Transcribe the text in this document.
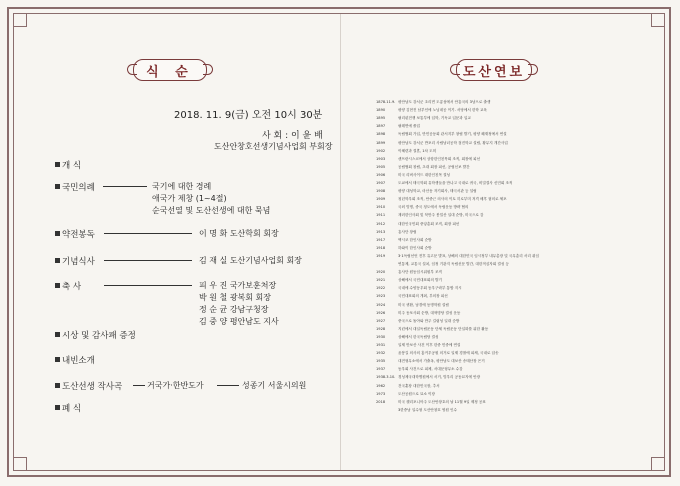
식 순
2018. 11. 9(금) 오전 10시 30분
사 회 : 이 윤 배
도산안창호선생기념사업회 부회장
개 식
국민의례	국기에 대한 경례
애국가 제창 (1~4절)
순국선열 및 도산선생에 대한 묵념
약전봉독	이 명 화 도산학회 회장
기념식사	김 재 실 도산기념사업회 회장
축 사	피 우 진 국가보훈처장
박 원 철 광복회 회장
정 순 균 강남구청장
김 중 양 평안남도 지사
시상 및 감사패 증정
내빈소개
도산선생 작사곡	거국가·한반도가	성종기 서울시의원
폐 식
도산연보
1878.11.9. 평안남도 강서군 초리면 도롱섬에서 안흥국의 3남으로 출생
1890	평양 김현진 남부인에 노님네공 이기. 서당에서 한학 교육
1895	필리핀전쟁 보통부에 입학, 기독교 입문과 입교
1897	필레면예 졸업
1898	독립협회 가입, 만민공동회 관서지부 창립 발기, 평양 쾌재정에서 연설
1899	평안남도 강서군 반포리 사립남녀공학 점진학교 설립, 황무지 개간사업
1902	이혜련과 결혼, 1차 도미
1903	샌프란시스코에서 상항한인친목회 조직, 회장에 피선
1905	공립협회 창립, 초대 회장 피선, 공립신보 발간
1906	미국 리버사이드 대한인친목 결성
1907	도쿄에서 태극학회 유학생들을 만나고 국내로 귀국, 비밀결사 신민회 조직
1908	평양 대성학교, 마산동 자기회사, 태극서관 등 설립
1909	청년학우회 조직, 안중근 의사의 이토 히로부미 저격 배후 혐의로 체포
1910	국외 망명, 중국 청도에서 독립운동 방략 협의
1911	재러한인사회 및 북만주 봉밀산 일대 순방, 미국으로 감
1912	대한인국민회 중앙총회 조직, 회장 피선
1913	흥사단 창립
1917	멕시코 한인사회 순방
1918	하와이 한인사회 순방
1919	3·1독립선언 전후 유고문 발표, 상해의 대한민국 임시정부 내무총장 및 국무총리 서리 취임
연통제, 교통국 설치, 임정 기관지 독립신문 발간, 대한적십자회 결성 등
1920	흥사단 원동임시위원부 조직
1921	상해에서 국민대표회의 발기
1922	국내에 수양동우회 동우구락부 통합 지시
1923	국민대표회의 개최, 부의장 피선
1924	미국 귀환, 남경에 동명학원 설립
1926	미주 동포사회 순방, 대혁명당 결성 운동
1927	중국으로 돌아와 만주 길림성 일대 순방
1928	지린에서 대일독립운동 단체 독립운동 단일화를 위한 활동
1930	상해에서 한국독립당 결성
1931	일제 만보산 사건 이후 한중 민중에 연설
1932	윤봉길 의사의 홍커우공원 의거로 일제 경찰에 피체, 국내로 압송
1935	대전형무소에서 가출옥, 평안남도 대보산 송태산장 은거
1937	동우회 사건으로 피체, 서대문형무소 수감
1938.3.10. 경성제국대학병원에서 서거, 망우리 공동묘지에 안장
1962	건국훈장 대한민국장, 추서
1973	도산공원으로 묘소 이장
2018	미국 캘리포니아주 도산안창호의 날 11월 9일 제정 공표
3한중남 일수형 도산안창호 영원 인수
